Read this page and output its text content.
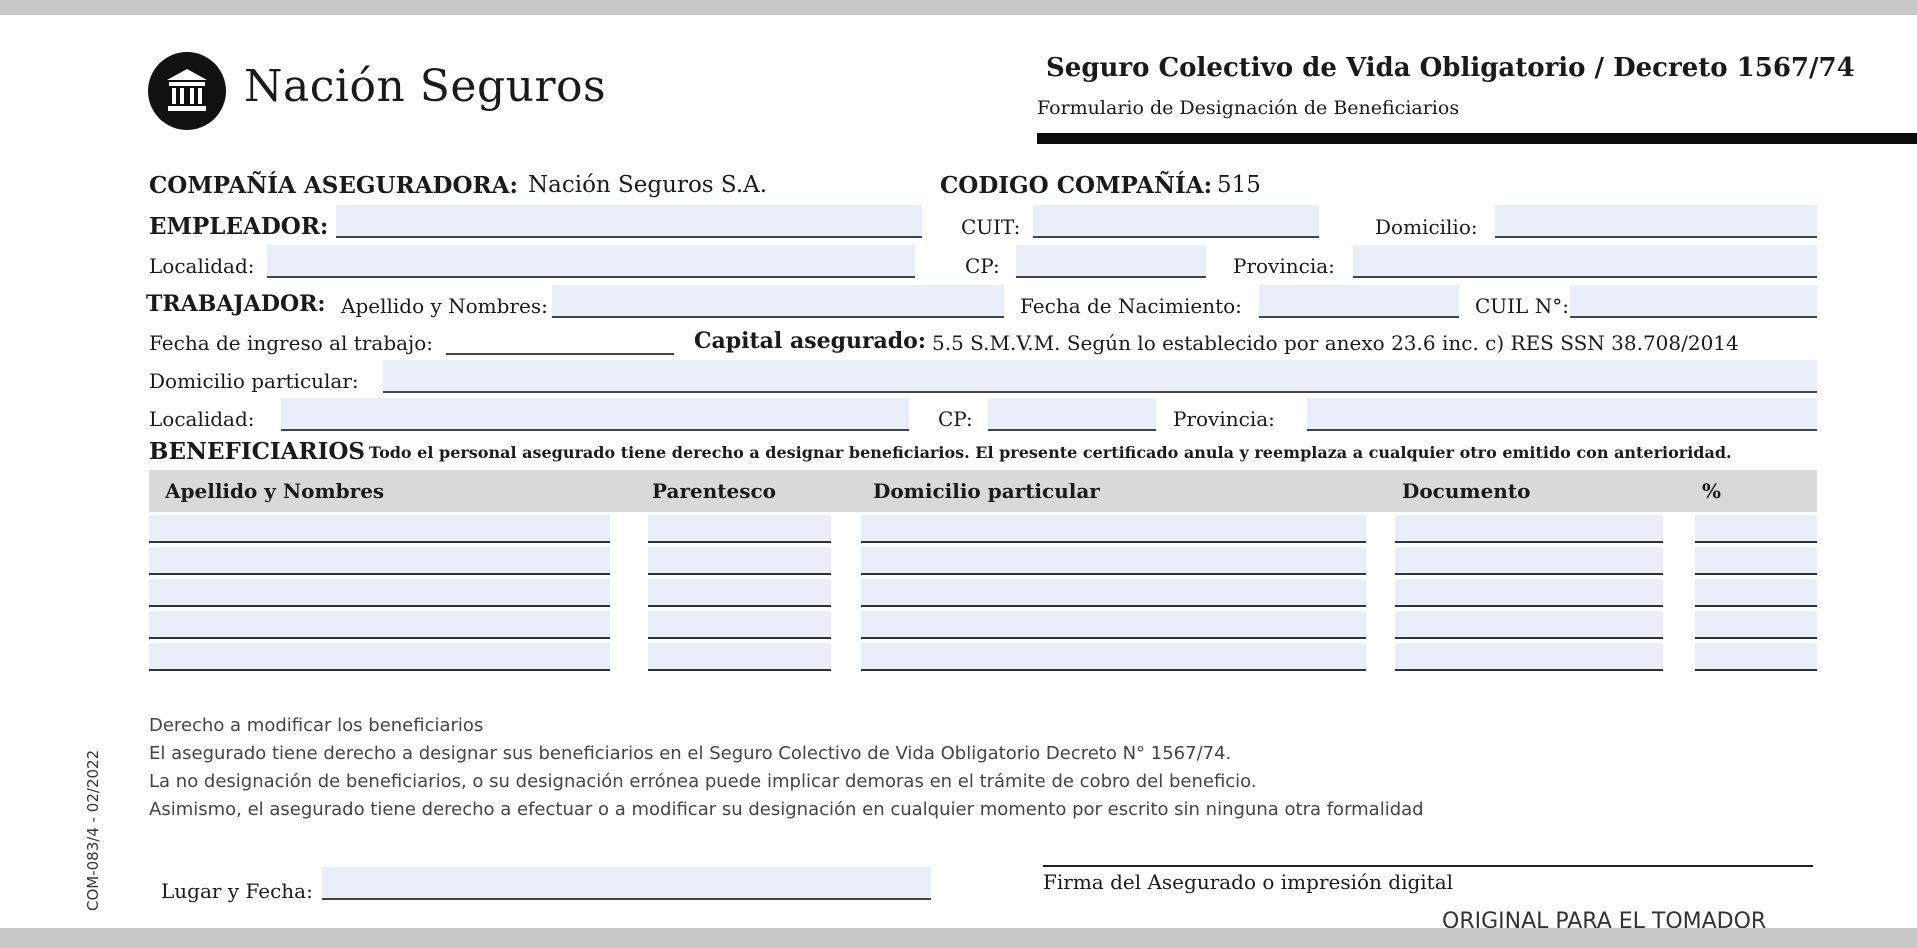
Nación Seguros	Seguro Colectivo de Vida Obligatorio / Decreto 1567/74
Formulario de Designación de Beneficiarios
COMPAÑÍA ASEGURADORA: Nación Seguros S.A.	CODIGO COMPAÑÍA: 515
EMPLEADOR:	CUIT:	Domicilio:
Localidad:	CP:	Provincia:
TRABAJADOR: Apellido y Nombres:	Fecha de Nacimiento:	CUIL N°:
Fecha de ingreso al trabajo:	Capital asegurado: 5.5 S.M.V.M. Según lo establecido por anexo 23.6 inc. c) RES SSN 38.708/2014
Domicilio particular:
Localidad:	CP:	Provincia:
BENEFICIARIOS Todo el personal asegurado tiene derecho a designar beneficiarios. El presente certificado anula y reemplaza a cualquier otro emitido con anterioridad.
Apellido y Nombres	Parentesco	Domicilio particular	Documento	%
Derecho a modificar los beneficiarios
El asegurado tiene derecho a designar sus beneficiarios en el Seguro Colectivo de Vida Obligatorio Decreto N° 1567/74.
La no designación de beneficiarios, o su designación errónea puede implicar demoras en el trámite de cobro del beneficio.
Asimismo, el asegurado tiene derecho a efectuar o a modificar su designación en cualquier momento por escrito sin ninguna otra formalidad
Lugar y Fecha:	Firma del Asegurado o impresión digital
ORIGINAL PARA EL TOMADOR
COM-083/4 - 02/2022
